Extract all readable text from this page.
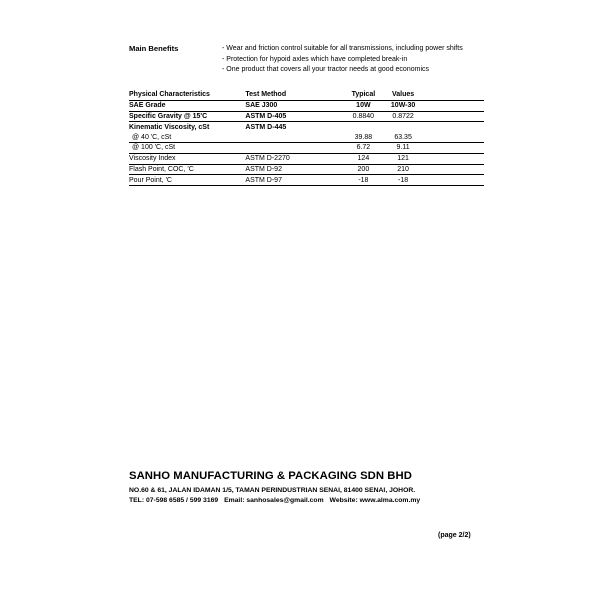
Main Benefits	- Wear and friction control suitable for all transmissions, including power shifts
- Protection for hypoid axles which have completed break-in
- One product that covers all your tractor needs at good economics
Physical Characteristics	Test Method	Typical	Values	
SAE Grade	SAE J300	10W	10W-30	
Specific Gravity @ 15'C	ASTM D-405	0.8840	0.8722	
Kinematic Viscosity, cSt	ASTM D-445			
@ 40 'C, cSt		39.88	63.35	
@ 100 'C, cSt		6.72	9.11	
Viscosity Index	ASTM D-2270	124	121	
Flash Point, COC, 'C	ASTM D-92	200	210	
Pour Point, 'C	ASTM D-97	-18	-18	
SANHO MANUFACTURING & PACKAGING SDN BHD
NO.60 & 61, JALAN IDAMAN 1/5, TAMAN PERINDUSTRIAN SENAI, 81400 SENAI, JOHOR.
TEL: 07-598 6585 / 599 3169 Email: sanhosales@gmail.com Website: www.alma.com.my
(page 2/2)
